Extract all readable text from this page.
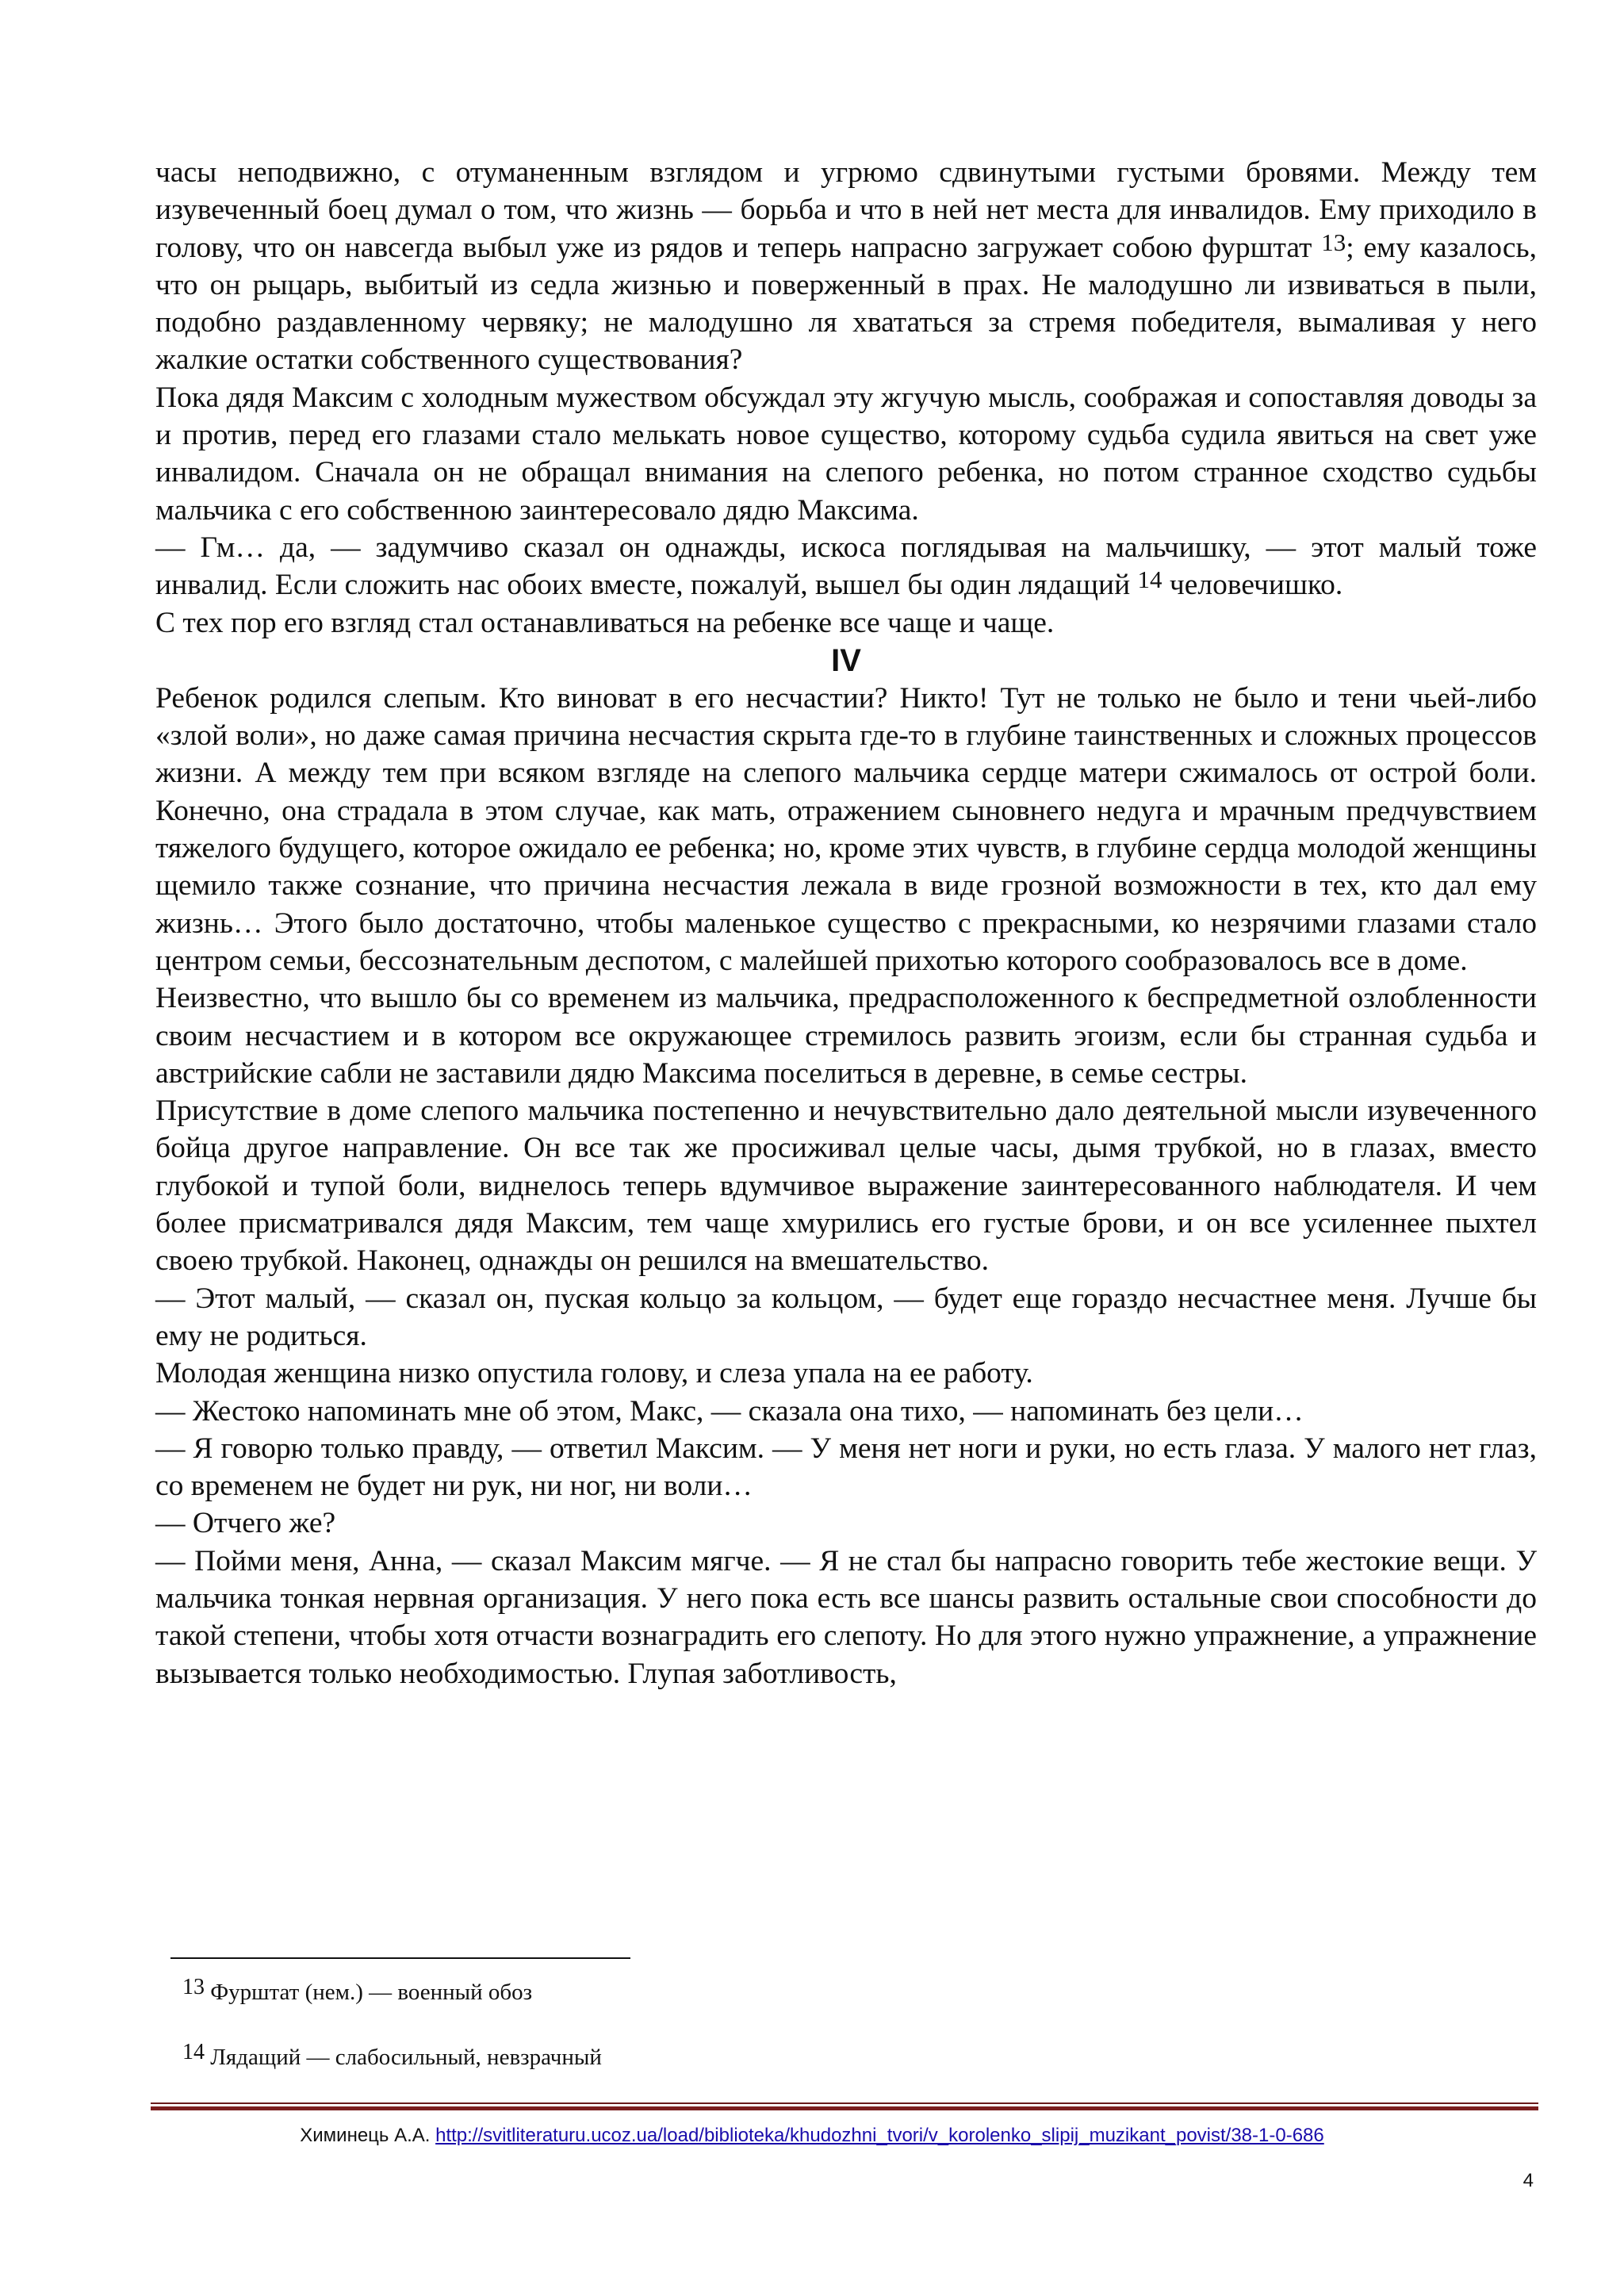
часы неподвижно, с отуманенным взглядом и угрюмо сдвинутыми густыми бровями. Между тем изувеченный боец думал о том, что жизнь — борьба и что в ней нет места для инвалидов. Ему приходило в голову, что он навсегда выбыл уже из рядов и теперь напрасно загружает собою фурштат $^{13}$; ему казалось, что он рыцарь, выбитый из седла жизнью и поверженный в прах. Не малодушно ли извиваться в пыли, подобно раздавленному червяку; не малодушно ля хвататься за стремя победителя, вымаливая у него жалкие остатки собственного существования?

Пока дядя Максим с холодным мужеством обсуждал эту жгучую мысль, соображая и сопоставляя доводы за и против, перед его глазами стало мелькать новое существо, которому судьба судила явиться на свет уже инвалидом. Сначала он не обращал внимания на слепого ребенка, но потом странное сходство судьбы мальчика с его собственною заинтересовало дядю Максима.

— Гм… да, — задумчиво сказал он однажды, искоса поглядывая на мальчишку, — этот малый тоже инвалид. Если сложить нас обоих вместе, пожалуй, вышел бы один лядащий $^{14}$ человечишко.

С тех пор его взгляд стал останавливаться на ребенке все чаще и чаще.

IV

Ребенок родился слепым. Кто виноват в его несчастии? Никто! Тут не только не было и тени чьей-либо «злой воли», но даже самая причина несчастия скрыта где-то в глубине таинственных и сложных процессов жизни. А между тем при всяком взгляде на слепого мальчика сердце матери сжималось от острой боли. Конечно, она страдала в этом случае, как мать, отражением сыновнего недуга и мрачным предчувствием тяжелого будущего, которое ожидало ее ребенка; но, кроме этих чувств, в глубине сердца молодой женщины щемило также сознание, что причина несчастия лежала в виде грозной возможности в тех, кто дал ему жизнь… Этого было достаточно, чтобы маленькое существо с прекрасными, ко незрячими глазами стало центром семьи, бессознательным деспотом, с малейшей прихотью которого сообразовалось все в доме.

Неизвестно, что вышло бы со временем из мальчика, предрасположенного к беспредметной озлобленности своим несчастием и в котором все окружающее стремилось развить эгоизм, если бы странная судьба и австрийские сабли не заставили дядю Максима поселиться в деревне, в семье сестры.

Присутствие в доме слепого мальчика постепенно и нечувствительно дало деятельной мысли изувеченного бойца другое направление. Он все так же просиживал целые часы, дымя трубкой, но в глазах, вместо глубокой и тупой боли, виднелось теперь вдумчивое выражение заинтересованного наблюдателя. И чем более присматривался дядя Максим, тем чаще хмурились его густые брови, и он все усиленнее пыхтел своею трубкой. Наконец, однажды он решился на вмешательство.

— Этот малый, — сказал он, пуская кольцо за кольцом, — будет еще гораздо несчастнее меня. Лучше бы ему не родиться.

Молодая женщина низко опустила голову, и слеза упала на ее работу.

— Жестоко напоминать мне об этом, Макс, — сказала она тихо, — напоминать без цели…

— Я говорю только правду, — ответил Максим. — У меня нет ноги и руки, но есть глаза. У малого нет глаз, со временем не будет ни рук, ни ног, ни воли…

— Отчего же?

— Пойми меня, Анна, — сказал Максим мягче. — Я не стал бы напрасно говорить тебе жестокие вещи. У мальчика тонкая нервная организация. У него пока есть все шансы развить остальные свои способности до такой степени, чтобы хотя отчасти вознаградить его слепоту. Но для этого нужно упражнение, а упражнение вызывается только необходимостью. Глупая заботливость,

$^{13}$ Фурштат (нем.) — военный обоз
$^{14}$ Лядащий — слабосильный, невзрачный
Химинець А.А. http://svitliteraturu.ucoz.ua/load/biblioteka/khudozhni_tvori/v_korolenko_slipij_muzikant_povist/38-1-0-686
4
